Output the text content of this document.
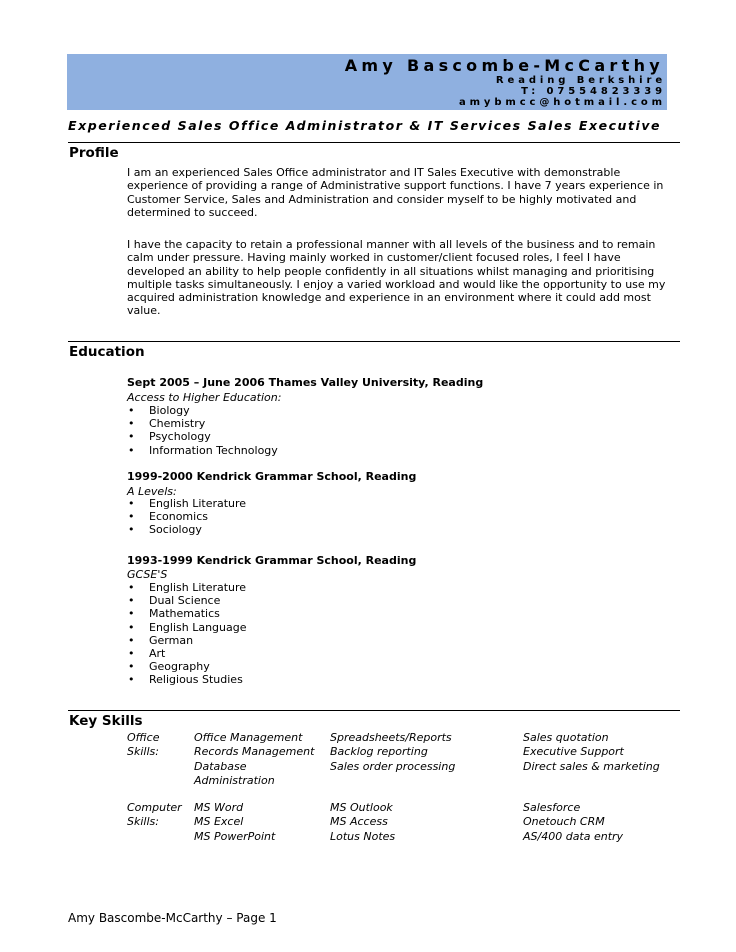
Amy Bascombe-McCarthy
Reading Berkshire
T: 07554823339
amybmcc@hotmail.com
Experienced Sales Office Administrator & IT Services Sales Executive
Profile

I am an experienced Sales Office administrator and IT Sales Executive with demonstrable experience of providing a range of Administrative support functions. I have 7 years experience in Customer Service, Sales and Administration and consider myself to be highly motivated and determined to succeed.

I have the capacity to retain a professional manner with all levels of the business and to remain calm under pressure. Having mainly worked in customer/client focused roles, I feel I have developed an ability to help people confidently in all situations whilst managing and prioritising multiple tasks simultaneously. I enjoy a varied workload and would like the opportunity to use my acquired administration knowledge and experience in an environment where it could add most value.

Education
Sept 2005 – June 2006 Thames Valley University, Reading
Access to Higher Education:
• Biology
• Chemistry
• Psychology
• Information Technology
1999-2000 Kendrick Grammar School, Reading
A Levels:
• English Literature
• Economics
• Sociology
1993-1999 Kendrick Grammar School, Reading
GCSE'S
• English Literature
• Dual Science
• Mathematics
• English Language
• German
• Art
• Geography
• Religious Studies
Key Skills
Office
Skills:
Office Management
Records Management
Database
Administration
Spreadsheets/Reports
Backlog reporting
Sales order processing
Sales quotation
Executive Support
Direct sales & marketing
Computer
Skills:
MS Word
MS Excel
MS PowerPoint
MS Outlook
MS Access
Lotus Notes
Salesforce
Onetouch CRM
AS/400 data entry
Amy Bascombe-McCarthy – Page 1
